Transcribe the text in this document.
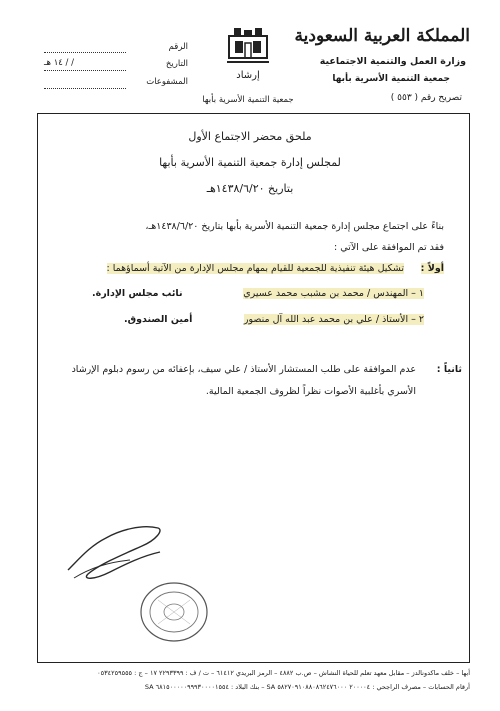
المملكة العربية السعودية
وزارة العمل والتنمية الاجتماعية
جمعية التنمية الأسرية بأبها
تصريح رقم ( ٥٥٣ )
إرشاد
جمعية التنمية الأسرية بأبها
الرقم
التاريخ
/ / ١٤ هـ
المشفوعات
ملحق محضر الاجتماع الأول
لمجلس إدارة جمعية التنمية الأسرية بأبها
بتاريخ ١٤٣٨/٦/٢٠هـ
بناءً على اجتماع مجلس إدارة جمعية التنمية الأسرية بأبها بتاريخ ١٤٣٨/٦/٢٠هـ،
فقد تم الموافقة على الآتي :
أولاً :
تشكيل هيئة تنفيذية للجمعية للقيام بمهام مجلس الإدارة من الآتية أسماؤهما :
١ – المهندس / محمد بن مشبب محمد عسيري
نائب مجلس الإدارة.
٢ – الأستاذ / علي بن محمد عبد الله آل منصور
أمين الصندوق.
ثانياً :
عدم الموافقة على طلب المستشار الأستاذ / علي سيف، بإعفائه من رسوم دبلوم الإرشاد
الأسري بأغلبية الأصوات نظراً لظروف الجمعية المالية.
أبها – خلف ماكدونالدز – مقابل معهد تعلم للحياة النشاش – ص.ب ٤٨٨٢ – الرمز البريدي ٦١٤١٢ – ت / ف : ٢٢٩٣٣٩٩ ١٧ – ج : ٠٥٣٤٢٥٩٥٥٥
أرقام الحسابات – مصرف الراجحي : ٢٠٠٠٠٤ ٥٨٢٧٠٩١٠٨٨٠٨٦٢٤٧٦٠٠٠ SA – بنك البلاد : ٦٨١٥٠٠٠٠٠٩٩٩٣٠٠٠٠١٥٥٤ SA
